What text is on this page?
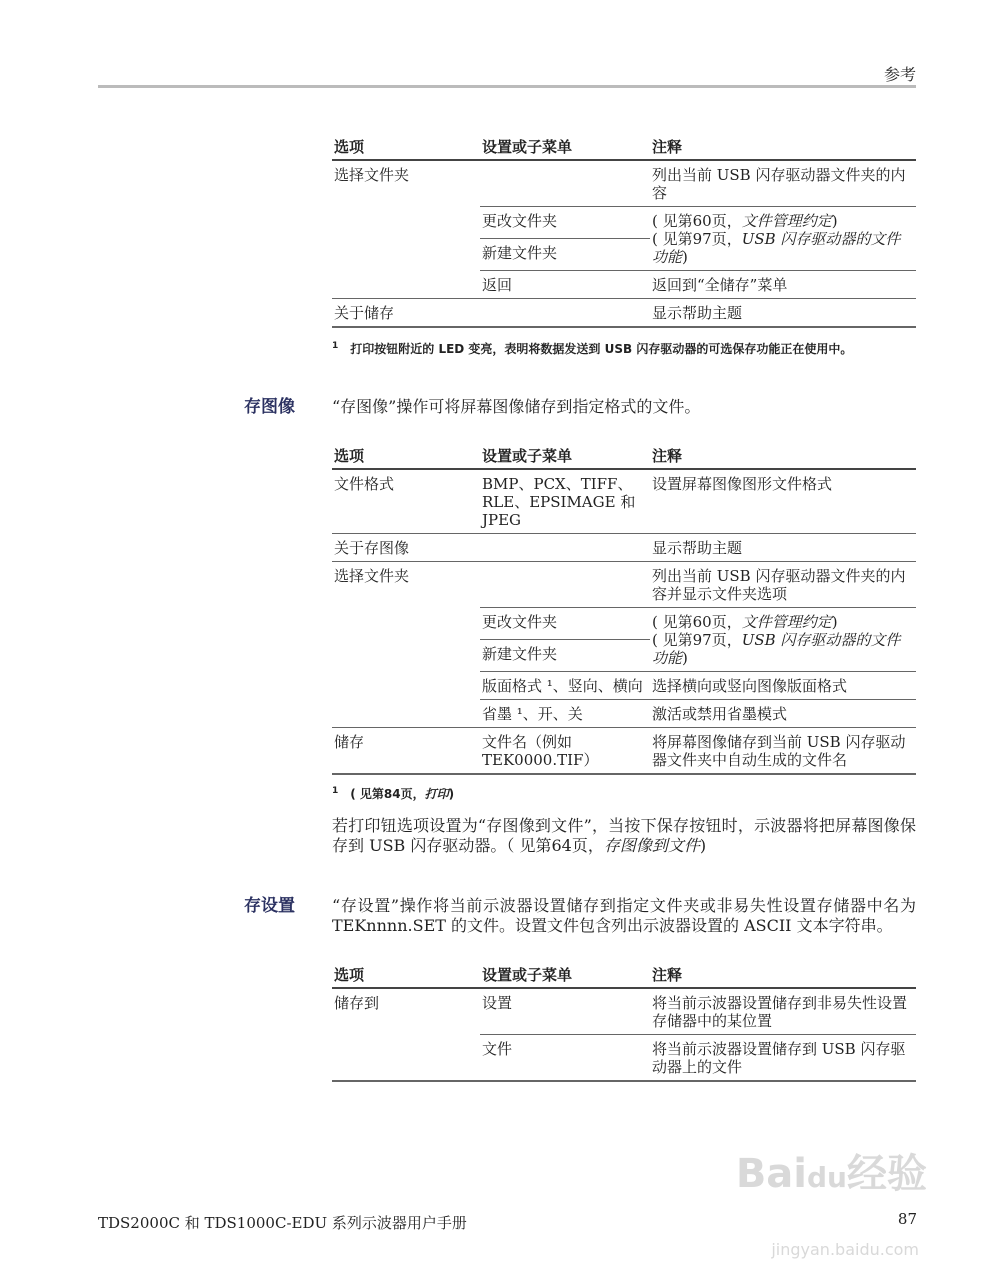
参考
选项	设置或子菜单	注释
选择文件夹		列出当前 USB 闪存驱动器文件夹的内容
	更改文件夹	( 见第60页，文件管理约定)
( 见第97页，USB 闪存驱动器的文件功能)
	新建文件夹	
	返回	返回到“全储存”菜单
关于储存		显示帮助主题
$^1$ 打印按钮附近的 LED 变亮，表明将数据发送到 USB 闪存驱动器的可选保存功能正在使用中。
存图像	“存图像”操作可将屏幕图像储存到指定格式的文件。
选项	设置或子菜单	注释
文件格式	BMP、PCX、TIFF、RLE、EPSIMAGE 和 JPEG	设置屏幕图像图形文件格式
关于存图像		显示帮助主题
选择文件夹		列出当前 USB 闪存驱动器文件夹的内容并显示文件夹选项
	更改文件夹	( 见第60页，文件管理约定)
( 见第97页，USB 闪存驱动器的文件功能)
	新建文件夹	
	版面格式 ¹、竖向、横向	选择横向或竖向图像版面格式
	省墨 ¹、开、关	激活或禁用省墨模式
储存	文件名（例如 TEK0000.TIF）	将屏幕图像储存到当前 USB 闪存驱动器文件夹中自动生成的文件名
$^1$ ( 见第84页，打印)
若打印钮选项设置为“存图像到文件”，当按下保存按钮时，示波器将把屏幕图像保存到 USB 闪存驱动器。（ 见第64页，存图像到文件)
存设置	“存设置”操作将当前示波器设置储存到指定文件夹或非易失性设置存储器中名为 TEKnnnn.SET 的文件。设置文件包含列出示波器设置的 ASCII 文本字符串。
选项	设置或子菜单	注释
储存到	设置	将当前示波器设置储存到非易失性设置存储器中的某位置
	文件	将当前示波器设置储存到 USB 闪存驱动器上的文件
Baidu经验
jingyan.baidu.com
TDS2000C 和 TDS1000C-EDU 系列示波器用户手册	87
